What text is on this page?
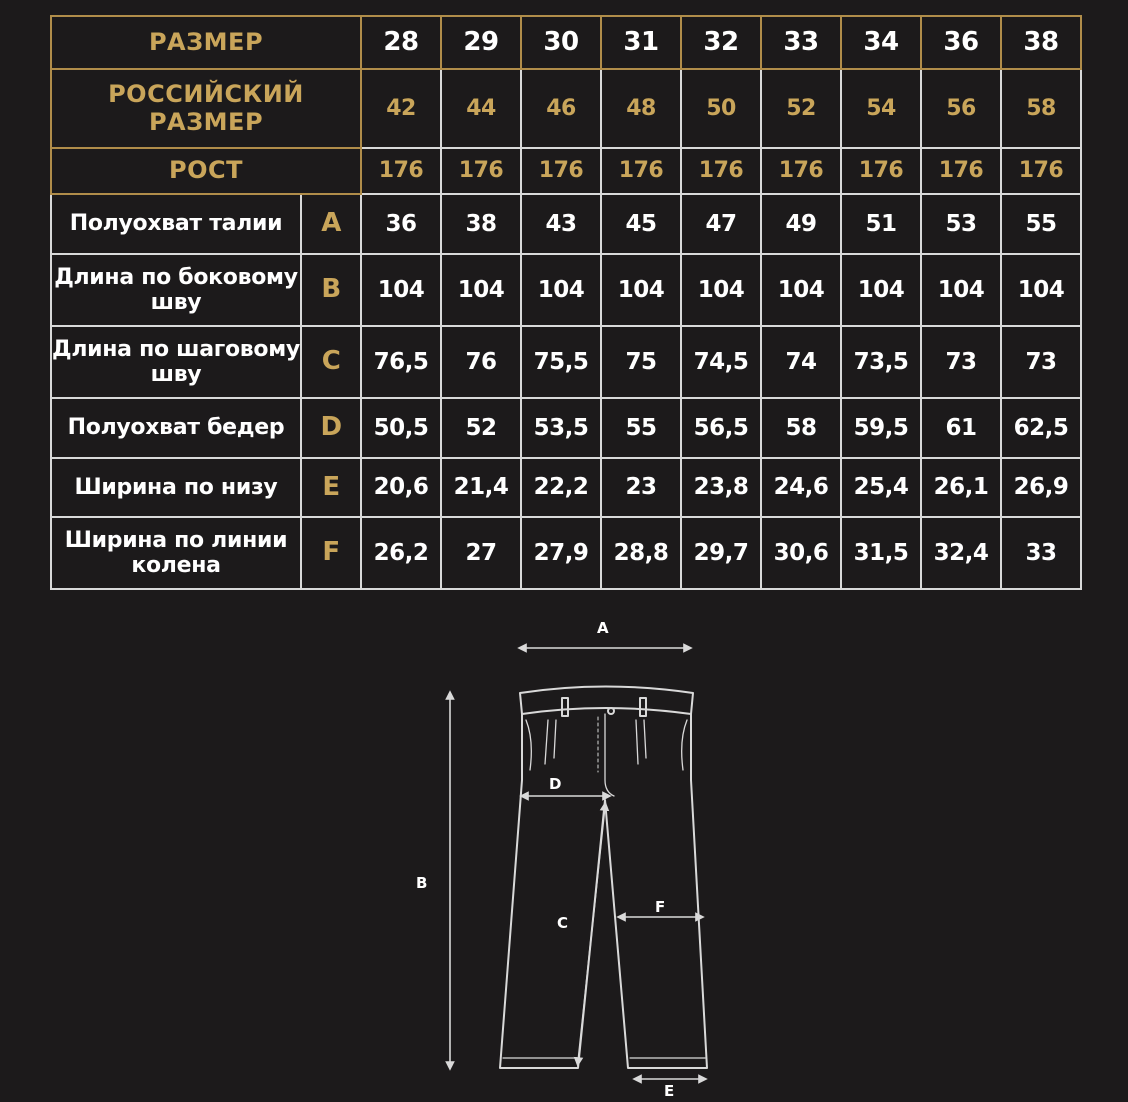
РАЗМЕР		28	29	30	31	32	33	34	36	38
РОССИЙСКИЙ РАЗМЕР		42	44	46	48	50	52	54	56	58
РОСТ		176	176	176	176	176	176	176	176	176
Полуохват талии	A	36	38	43	45	47	49	51	53	55
Длина по боковому шву	B	104	104	104	104	104	104	104	104	104
Длина по шаговому шву	C	76,5	76	75,5	75	74,5	74	73,5	73	73
Полуохват бедер	D	50,5	52	53,5	55	56,5	58	59,5	61	62,5
Ширина по низу	E	20,6	21,4	22,2	23	23,8	24,6	25,4	26,1	26,9
Ширина по линии колена	F	26,2	27	27,9	28,8	29,7	30,6	31,5	32,4	33
A
B
D
C
F
E
